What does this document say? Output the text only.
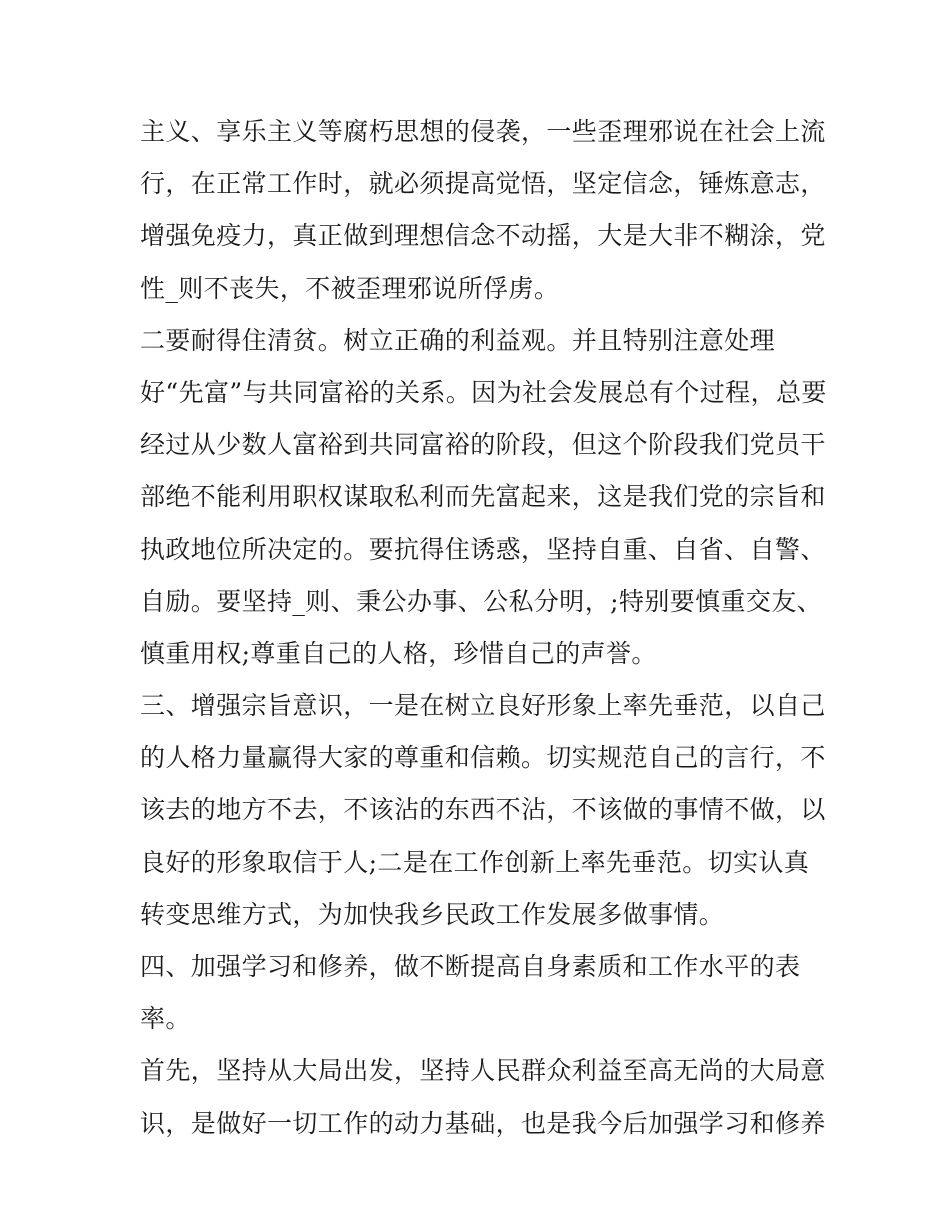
主义、享乐主义等腐朽思想的侵袭，一些歪理邪说在社会上流
行，在正常工作时，就必须提高觉悟，坚定信念，锤炼意志，
增强免疫力，真正做到理想信念不动摇，大是大非不糊涂，党
性_则不丧失，不被歪理邪说所俘虏。
二要耐得住清贫。树立正确的利益观。并且特别注意处理
好“先富”与共同富裕的关系。因为社会发展总有个过程，总要
经过从少数人富裕到共同富裕的阶段，但这个阶段我们党员干
部绝不能利用职权谋取私利而先富起来，这是我们党的宗旨和
执政地位所决定的。要抗得住诱惑，坚持自重、自省、自警、
自励。要坚持_则、秉公办事、公私分明，;特别要慎重交友、
慎重用权;尊重自己的人格，珍惜自己的声誉。
三、增强宗旨意识，一是在树立良好形象上率先垂范，以自己
的人格力量赢得大家的尊重和信赖。切实规范自己的言行，不
该去的地方不去，不该沾的东西不沾，不该做的事情不做，以
良好的形象取信于人;二是在工作创新上率先垂范。切实认真
转变思维方式，为加快我乡民政工作发展多做事情。
四、加强学习和修养，做不断提高自身素质和工作水平的表
率。
首先，坚持从大局出发，坚持人民群众利益至高无尚的大局意
识，是做好一切工作的动力基础，也是我今后加强学习和修养
